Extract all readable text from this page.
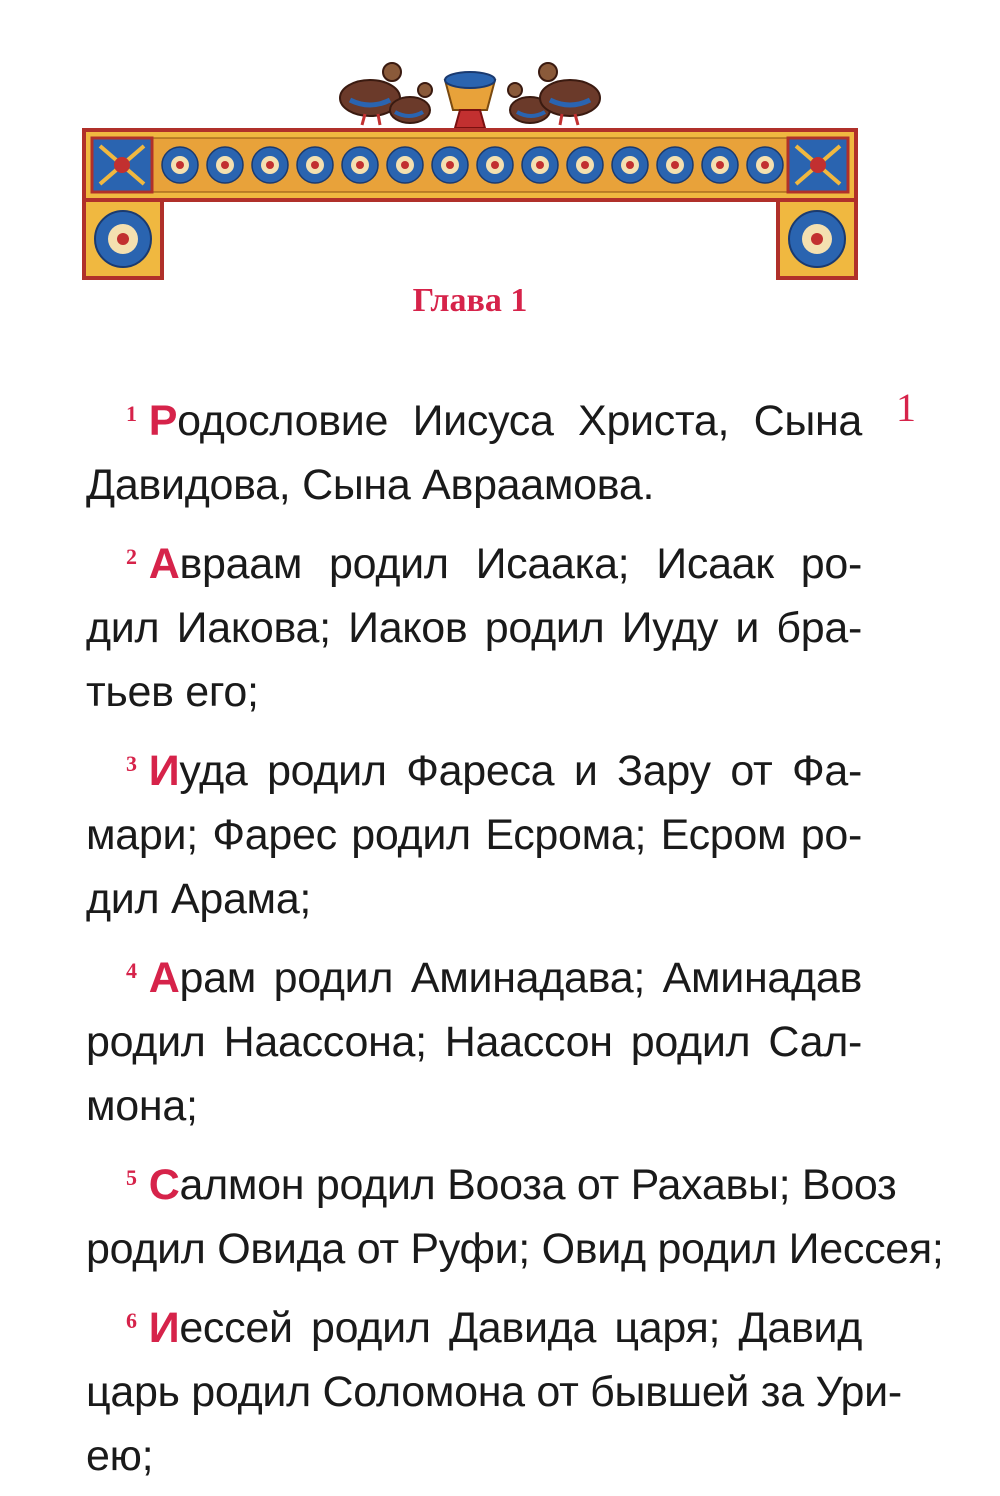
Глава 1
1

$^1$ Родословие Иисуса Христа, Сына
Давидова, Сына Авраамова.

$^2$ Авраам родил Исаака; Исаак ро-
дил Иакова; Иаков родил Иуду и бра-
тьев его;

$^3$ Иуда родил Фареса и Зару от Фа-
мари; Фарес родил Есрома; Есром ро-
дил Арама;

$^4$ Арам родил Аминадава; Аминадав
родил Наассона; Наассон родил Сал-
мона;

$^5$ Салмон родил Вооза от Рахавы; Вооз
родил Овида от Руфи; Овид родил Иессея;

$^6$ Иессей родил Давида царя; Давид
царь родил Соломона от бывшей за Ури-
ею;
